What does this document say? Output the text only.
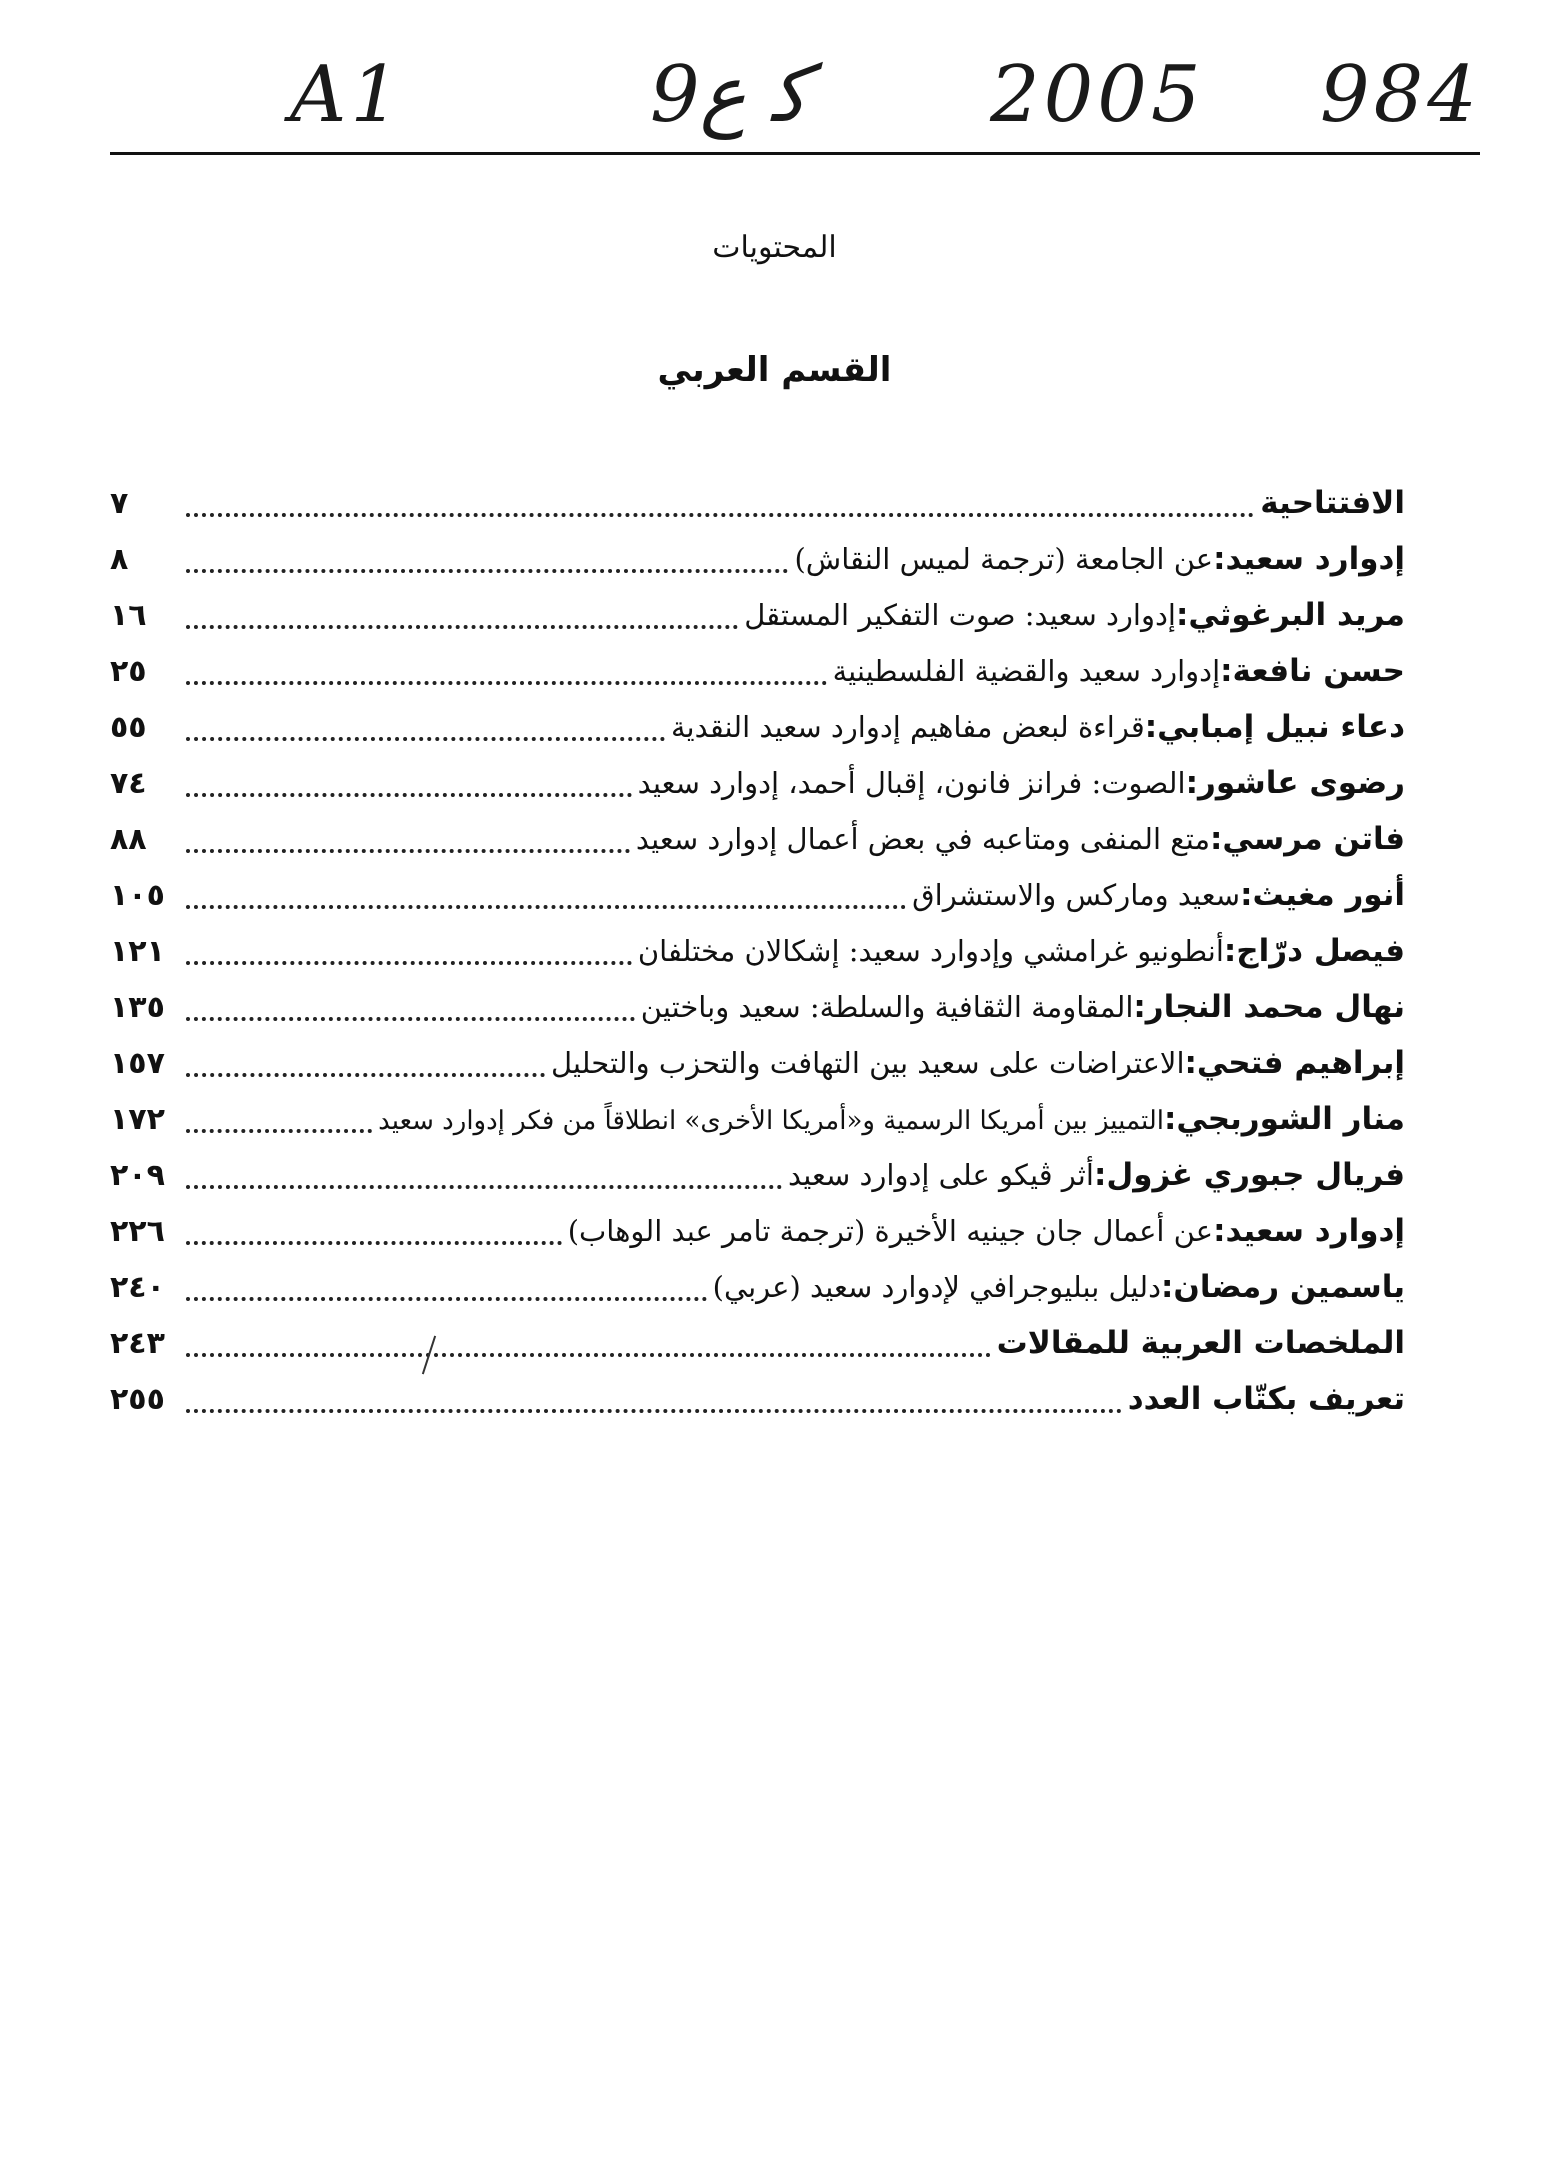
A1	9ﻛ ع 2005 984
المحتويات
القسم العربي
الافتتاحية
٧
إدوارد سعيد:
عن الجامعة (ترجمة لميس النقاش)
٨
مريد البرغوثي:
إدوارد سعيد: صوت التفكير المستقل
١٦
حسن نافعة:
إدوارد سعيد والقضية الفلسطينية
٢٥
دعاء نبيل إمبابي:
قراءة لبعض مفاهيم إدوارد سعيد النقدية
٥٥
رضوى عاشور:
الصوت: فرانز فانون، إقبال أحمد، إدوارد سعيد
٧٤
فاتن مرسي:
متع المنفى ومتاعبه في بعض أعمال إدوارد سعيد
٨٨
أنور مغيث:
سعيد وماركس والاستشراق
١٠٥
فيصل درّاج:
أنطونيو غرامشي وإدوارد سعيد: إشكالان مختلفان
١٢١
نهال محمد النجار:
المقاومة الثقافية والسلطة: سعيد وباختين
١٣٥
إبراهيم فتحي:
الاعتراضات على سعيد بين التهافت والتحزب والتحليل
١٥٧
منار الشوربجي:
التمييز بين أمريكا الرسمية و«أمريكا الأخرى» انطلاقاً من فكر إدوارد سعيد
١٧٢
فريال جبوري غزول:
أثر ڤيكو على إدوارد سعيد
٢٠٩
إدوارد سعيد:
عن أعمال جان جينيه الأخيرة (ترجمة تامر عبد الوهاب)
٢٢٦
ياسمين رمضان:
دليل ببليوجرافي لإدوارد سعيد (عربي)
٢٤٠
الملخصات العربية للمقالات
٢٤٣
تعريف بكتّاب العدد
٢٥٥
